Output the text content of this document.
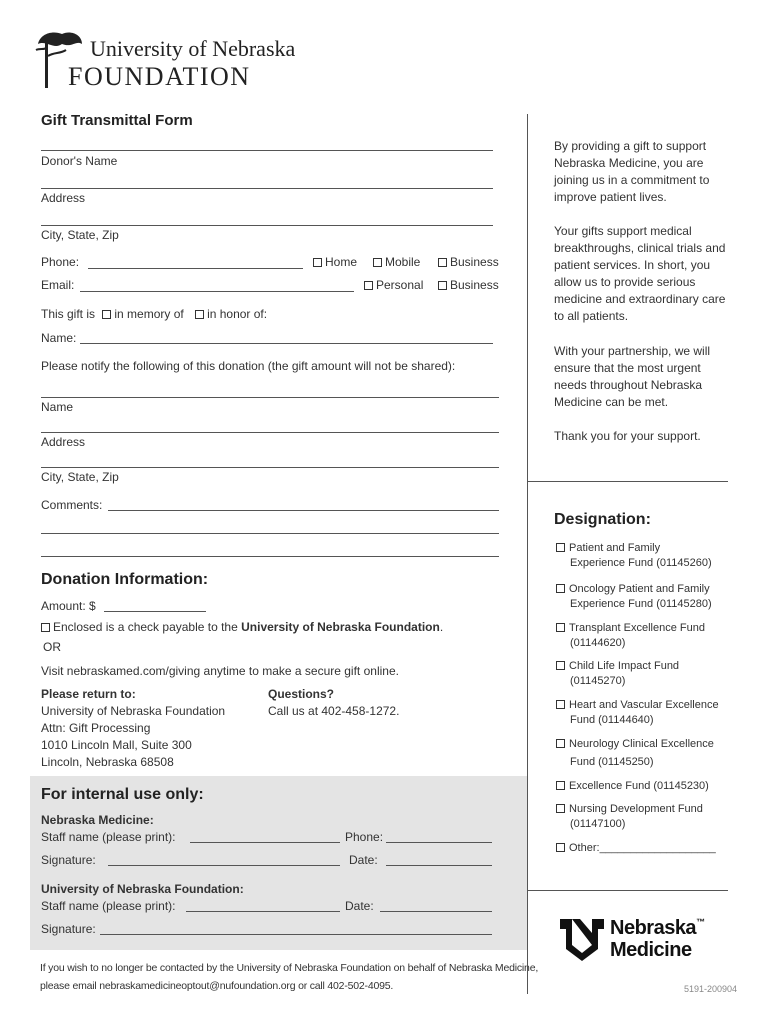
University of Nebraska
FOUNDATION
Gift Transmittal Form
Donor's Name
Address
City, State, Zip
Phone:	Home	Mobile	Business
Email:	Personal	Business
This gift is in memory of in honor of:
Name:
Please notify the following of this donation (the gift amount will not be shared):
Name
Address
City, State, Zip
Comments:
Donation Information:
Amount: $
Enclosed is a check payable to the University of Nebraska Foundation.
OR
Visit nebraskamed.com/giving anytime to make a secure gift online.
Please return to:
University of Nebraska Foundation
Attn: Gift Processing
1010 Lincoln Mall, Suite 300
Lincoln, Nebraska 68508
Questions?
Call us at 402-458-1272.
For internal use only:
Nebraska Medicine:
Staff name (please print):	Phone:
Signature:	Date:
University of Nebraska Foundation:
Staff name (please print):	Date:
Signature:
If you wish to no longer be contacted by the University of Nebraska Foundation on behalf of Nebraska Medicine,
please email nebraskamedicineoptout@nufoundation.org or call 402-502-4095.
By providing a gift to support Nebraska Medicine, you are joining us in a commitment to improve patient lives.
Your gifts support medical breakthroughs, clinical trials and patient services. In short, you allow us to provide serious medicine and extraordinary care to all patients.
With your partnership, we will ensure that the most urgent needs throughout Nebraska Medicine can be met.
Thank you for your support.
Designation:
Patient and Family
Experience Fund (01145260)
Oncology Patient and Family
Experience Fund (01145280)
Transplant Excellence Fund
(01144620)
Child Life Impact Fund
(01145270)
Heart and Vascular Excellence
Fund (01144640)
Neurology Clinical Excellence
Fund (01145250)
Excellence Fund (01145230)
Nursing Development Fund
(01147100)
Other:___________________
Nebraska™
Medicine
5191-200904
